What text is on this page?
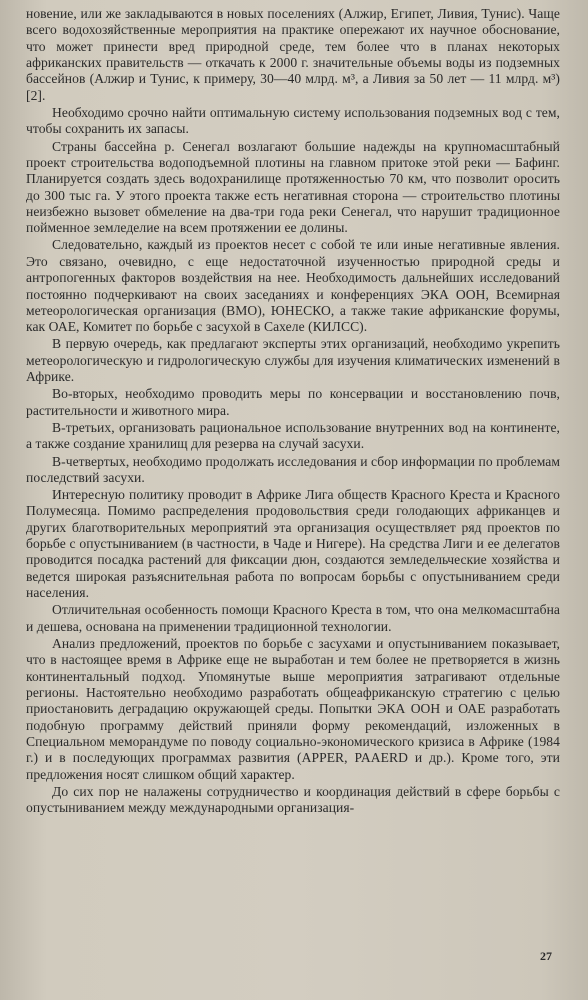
новение, или же закладываются в новых поселениях (Алжир, Египет, Ливия, Тунис). Чаще всего водохозяйственные мероприятия на практике опережают их научное обоснование, что может принести вред природной среде, тем более что в планах некоторых африканских правительств — откачать к 2000 г. значительные объемы воды из подземных бассейнов (Алжир и Тунис, к примеру, 30—40 млрд. м³, а Ливия за 50 лет — 11 млрд. м³) [2].

Необходимо срочно найти оптимальную систему использования подземных вод с тем, чтобы сохранить их запасы.

Страны бассейна р. Сенегал возлагают большие надежды на крупномасштабный проект строительства водоподъемной плотины на главном притоке этой реки — Бафинг. Планируется создать здесь водохранилище протяженностью 70 км, что позволит оросить до 300 тыс га. У этого проекта также есть негативная сторона — строительство плотины неизбежно вызовет обмеление на два-три года реки Сенегал, что нарушит традиционное пойменное земледелие на всем протяжении ее долины.

Следовательно, каждый из проектов несет с собой те или иные негативные явления. Это связано, очевидно, с еще недостаточной изученностью природной среды и антропогенных факторов воздействия на нее. Необходимость дальнейших исследований постоянно подчеркивают на своих заседаниях и конференциях ЭКА ООН, Всемирная метеорологическая организация (ВМО), ЮНЕСКО, а также такие африканские форумы, как ОАЕ, Комитет по борьбе с засухой в Сахеле (КИЛСС).

В первую очередь, как предлагают эксперты этих организаций, необходимо укрепить метеорологическую и гидрологическую службы для изучения климатических изменений в Африке.

Во-вторых, необходимо проводить меры по консервации и восстановлению почв, растительности и животного мира.

В-третьих, организовать рациональное использование внутренних вод на континенте, а также создание хранилищ для резерва на случай засухи.

В-четвертых, необходимо продолжать исследования и сбор информации по проблемам последствий засухи.

Интересную политику проводит в Африке Лига обществ Красного Креста и Красного Полумесяца. Помимо распределения продовольствия среди голодающих африканцев и других благотворительных мероприятий эта организация осуществляет ряд проектов по борьбе с опустыниванием (в частности, в Чаде и Нигере). На средства Лиги и ее делегатов проводится посадка растений для фиксации дюн, создаются земледельческие хозяйства и ведется широкая разъяснительная работа по вопросам борьбы с опустыниванием среди населения.

Отличительная особенность помощи Красного Креста в том, что она мелкомасштабна и дешева, основана на применении традиционной технологии.

Анализ предложений, проектов по борьбе с засухами и опустыниванием показывает, что в настоящее время в Африке еще не выработан и тем более не претворяется в жизнь континентальный подход. Упомянутые выше мероприятия затрагивают отдельные регионы. Настоятельно необходимо разработать общеафриканскую стратегию с целью приостановить деградацию окружающей среды. Попытки ЭКА ООН и ОАЕ разработать подобную программу действий приняли форму рекомендаций, изложенных в Специальном меморандуме по поводу социально-экономического кризиса в Африке (1984 г.) и в последующих программах развития (APPER, PAAERD и др.). Кроме того, эти предложения носят слишком общий характер.

До сих пор не налажены сотрудничество и координация действий в сфере борьбы с опустыниванием между международными организация-

27
